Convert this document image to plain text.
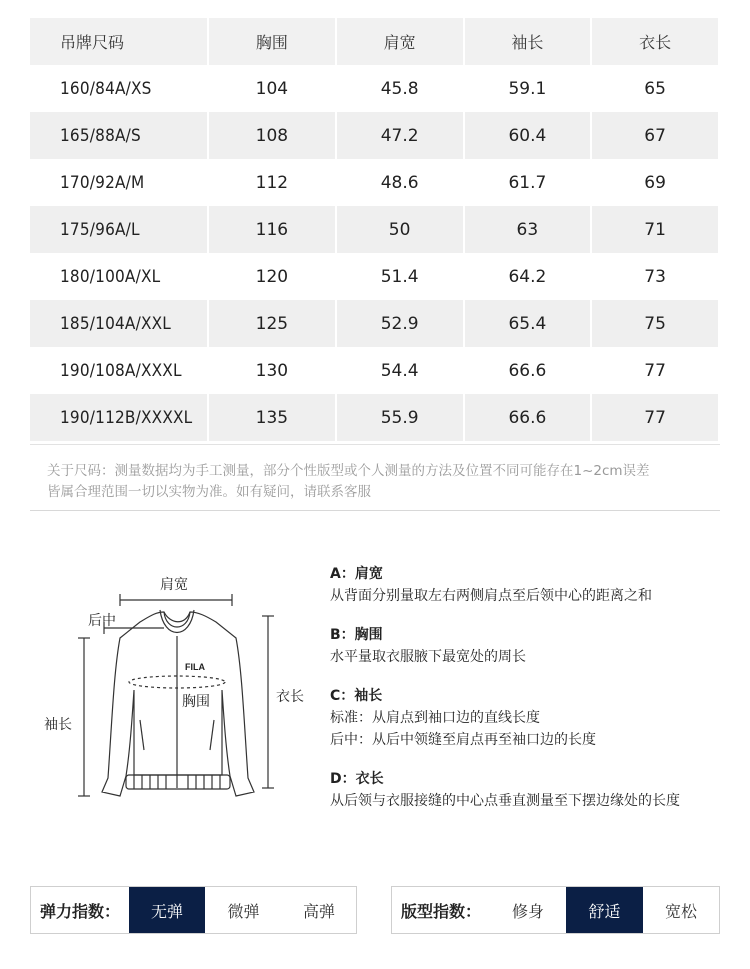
吊牌尺码	胸围	肩宽	袖长	衣长
160/84A/XS	104	45.8	59.1	65
165/88A/S	108	47.2	60.4	67
170/92A/M	112	48.6	61.7	69
175/96A/L	116	50	63	71
180/100A/XL	120	51.4	64.2	73
185/104A/XXL	125	52.9	65.4	75
190/108A/XXXL	130	54.4	66.6	77
190/112B/XXXXL	135	55.9	66.6	77
关于尺码：测量数据均为手工测量，部分个性版型或个人测量的方法及位置不同可能存在1~2cm误差
皆属合理范围一切以实物为准。如有疑问，请联系客服
FILA
肩宽
后中
胸围	衣长
袖长
A：肩宽
从背面分别量取左右两侧肩点至后领中心的距离之和
B：胸围
水平量取衣服腋下最宽处的周长
C：袖长
标准：从肩点到袖口边的直线长度
后中：从后中领缝至肩点再至袖口边的长度
D：衣长
从后领与衣服接缝的中心点垂直测量至下摆边缘处的长度
弹力指数：	无弹	微弹	高弹	版型指数：	修身	舒适	宽松
